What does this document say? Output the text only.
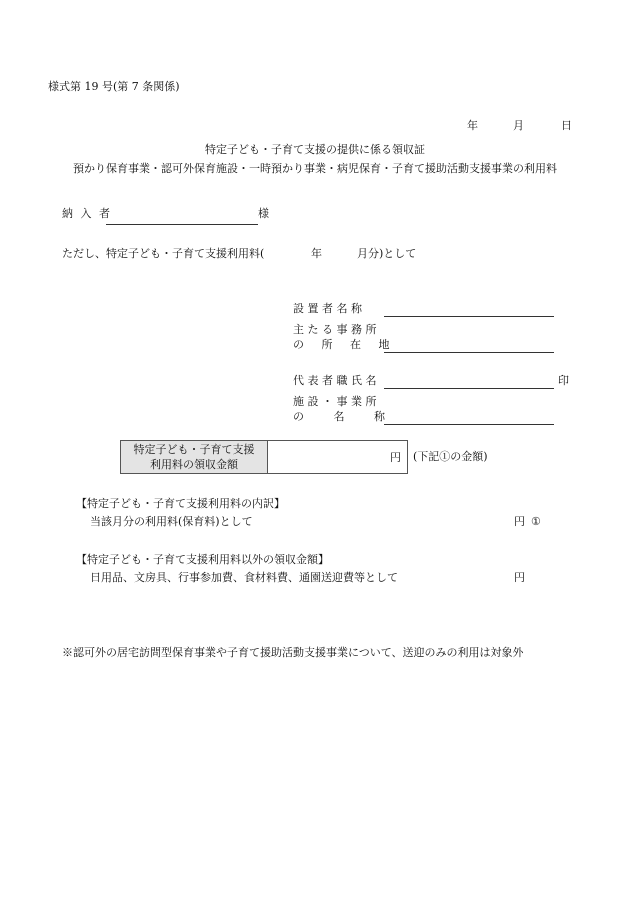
様式第 19 号(第 7 条関係)
年	月	日
特定子ども・子育て支援の提供に係る領収証
預かり保育事業・認可外保育施設・一時預かり事業・病児保育・子育て援助活動支援事業の利用料
納 入 者	様
ただし、特定子ども・子育て支援利用料(	年	月分)として
設 置 者 名 称
主 た る 事 務 所
の 所 在 地
代 表 者 職 氏 名	印
施 設 ・ 事 業 所
の 名 称
特定子ども・子育て支援
利用料の領収金額
円 (下記①の金額)
【特定子ども・子育て支援利用料の内訳】
当該月分の利用料(保育料)として	円 ①
【特定子ども・子育て支援利用料以外の領収金額】
日用品、文房具、行事参加費、食材料費、通園送迎費等として	円
※認可外の居宅訪問型保育事業や子育て援助活動支援事業について、送迎のみの利用は対象外
